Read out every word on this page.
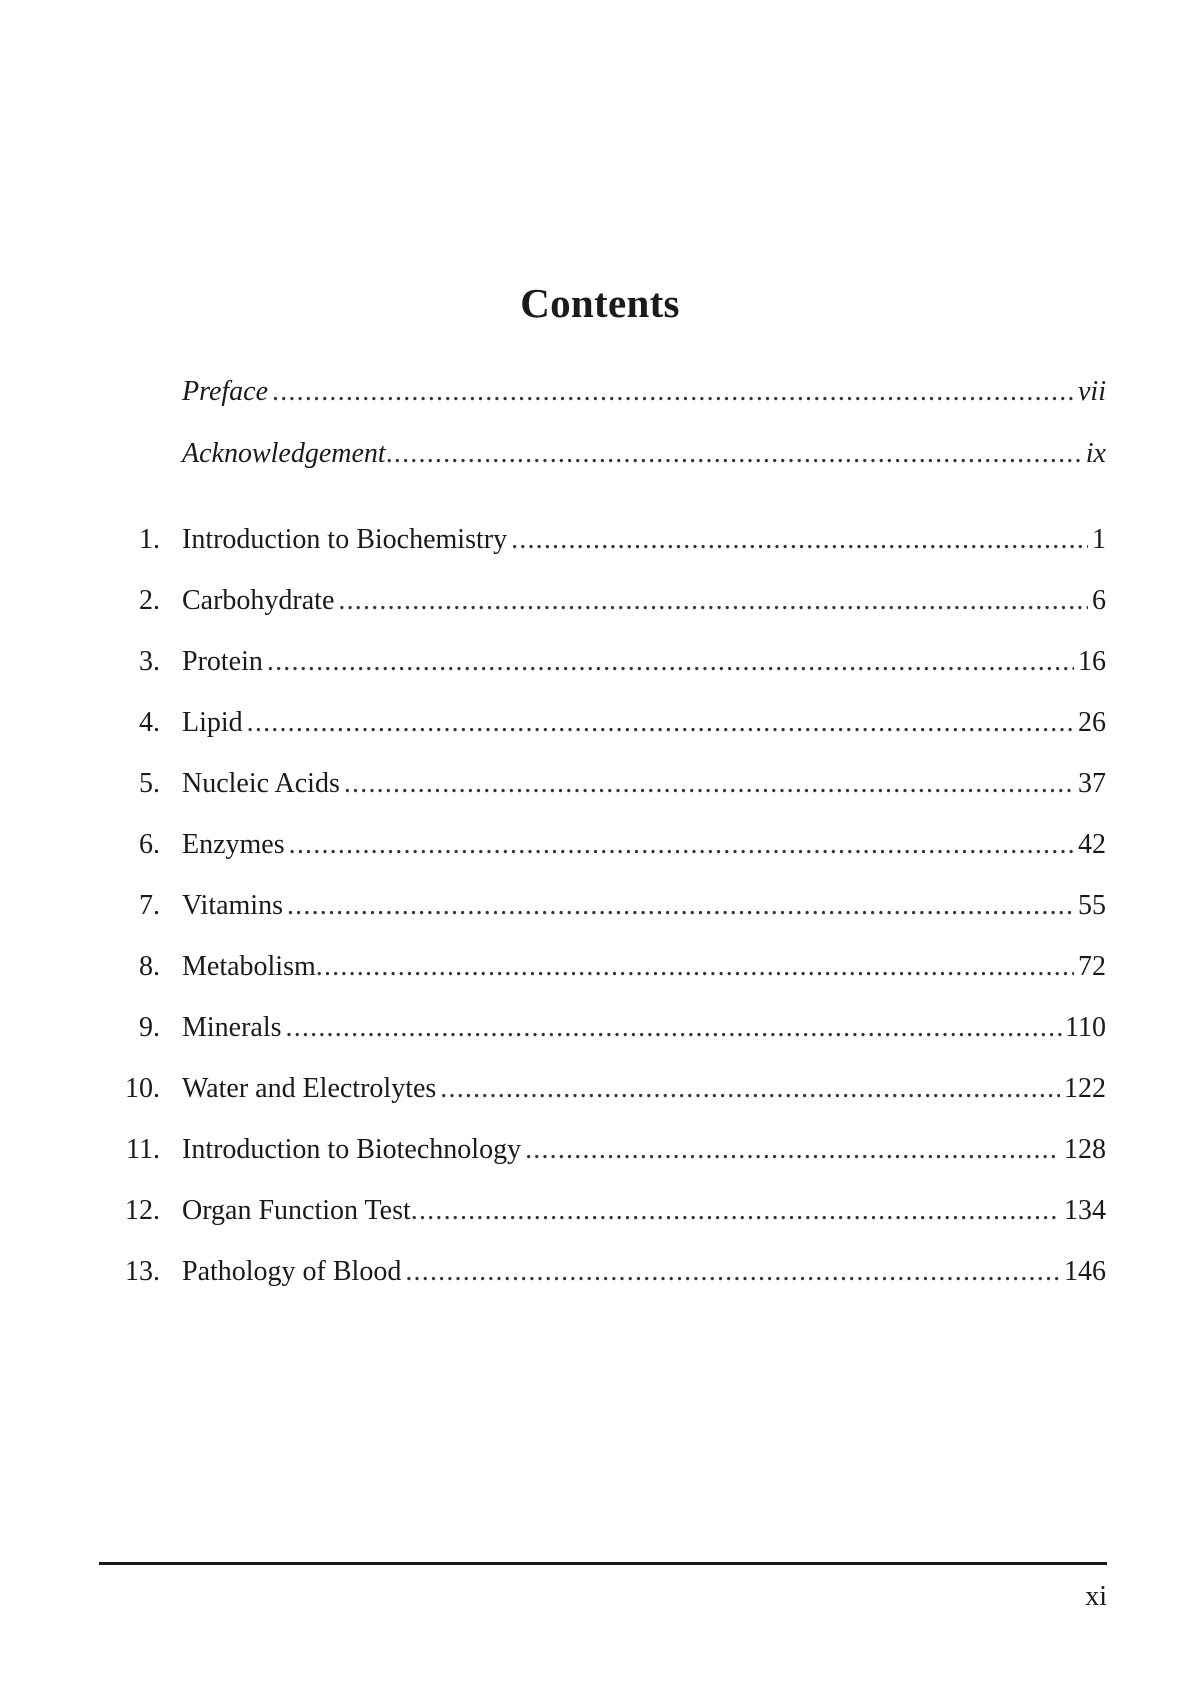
Contents
Preface .....	vii
Acknowledgement .....	ix
1. Introduction to Biochemistry .....	1
2. Carbohydrate .....	6
3. Protein .....	16
4. Lipid .....	26
5. Nucleic Acids .....	37
6. Enzymes .....	42
7. Vitamins .....	55
8. Metabolism .....	72
9. Minerals .....	110
10. Water and Electrolytes .....	122
11. Introduction to Biotechnology .....	128
12. Organ Function Test .....	134
13. Pathology of Blood .....	146
xi
